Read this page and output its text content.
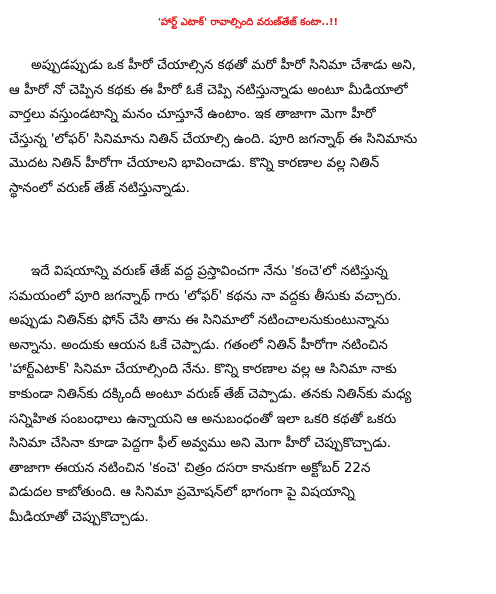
'హార్ట్ ఎటాక్' రావాల్సింది వరుణ్‌తేజ్ కంటా..!!

అప్పుడప్పుడు ఒక హీరో చేయాల్సిన కథతో మరో హీరో సినిమా చేశాడు అని,
ఆ హీరో నో చెప్పిన కథకు ఈ హీరో ఓకే చెప్పి నటిస్తున్నాడు అంటూ మీడియాలో
వార్తలు వస్తుండటాన్ని మనం చూస్తూనే ఉంటాం. ఇక తాజాగా మెగా హీరో
చేస్తున్న 'లోఫర్' సినిమాను నితిన్ చేయాల్సి ఉంది. పూరి జగన్నాథ్ ఈ సినిమాను
మొదట నితిన్ హీరోగా చేయాలని భావించాడు. కొన్ని కారణాల వల్ల నితిన్
స్థానంలో వరుణ్ తేజ్ నటిస్తున్నాడు.

ఇదే విషయాన్ని వరుణ్ తేజ్ వద్ద ప్రస్తావించగా నేను 'కంచె'లో నటిస్తున్న
సమయంలో పూరి జగన్నాథ్ గారు 'లోఫర్' కథను నా వద్దకు తీసుకు వచ్చారు.
అప్పుడు నితిన్‌కు ఫోన్ చేసి తాను ఈ సినిమాలో నటించాలనుకుంటున్నాను
అన్నాను. అందుకు ఆయన ఓకే చెప్పాడు. గతంలో నితిన్ హీరోగా నటించిన
'హార్ట్‌ఎటాక్' సినిమా చేయాల్సింది నేను. కొన్ని కారణాల వల్ల ఆ సినిమా నాకు
కాకుండా నితిన్‌కు దక్కిందీ అంటూ వరుణ్ తేజ్ చెప్పాడు. తనకు నితిన్‌కు మధ్య
సన్నిహిత సంబంధాలు ఉన్నాయని ఆ అనుబంధంతో ఇలా ఒకరి కథతో ఒకరు
సినిమా చేసినా కూడా పెద్దగా ఫీల్ అవ్వము అని మెగా హీరో చెప్పుకొచ్చాడు.
తాజాగా ఈయన నటించిన 'కంచె' చిత్రం దసరా కానుకగా అక్టోబర్ 22న
విడుదల కాబోతుంది. ఆ సినిమా ప్రమోషన్‌లో భాగంగా పై విషయాన్ని
మీడియాతో చెప్పుకొచ్చాడు.
